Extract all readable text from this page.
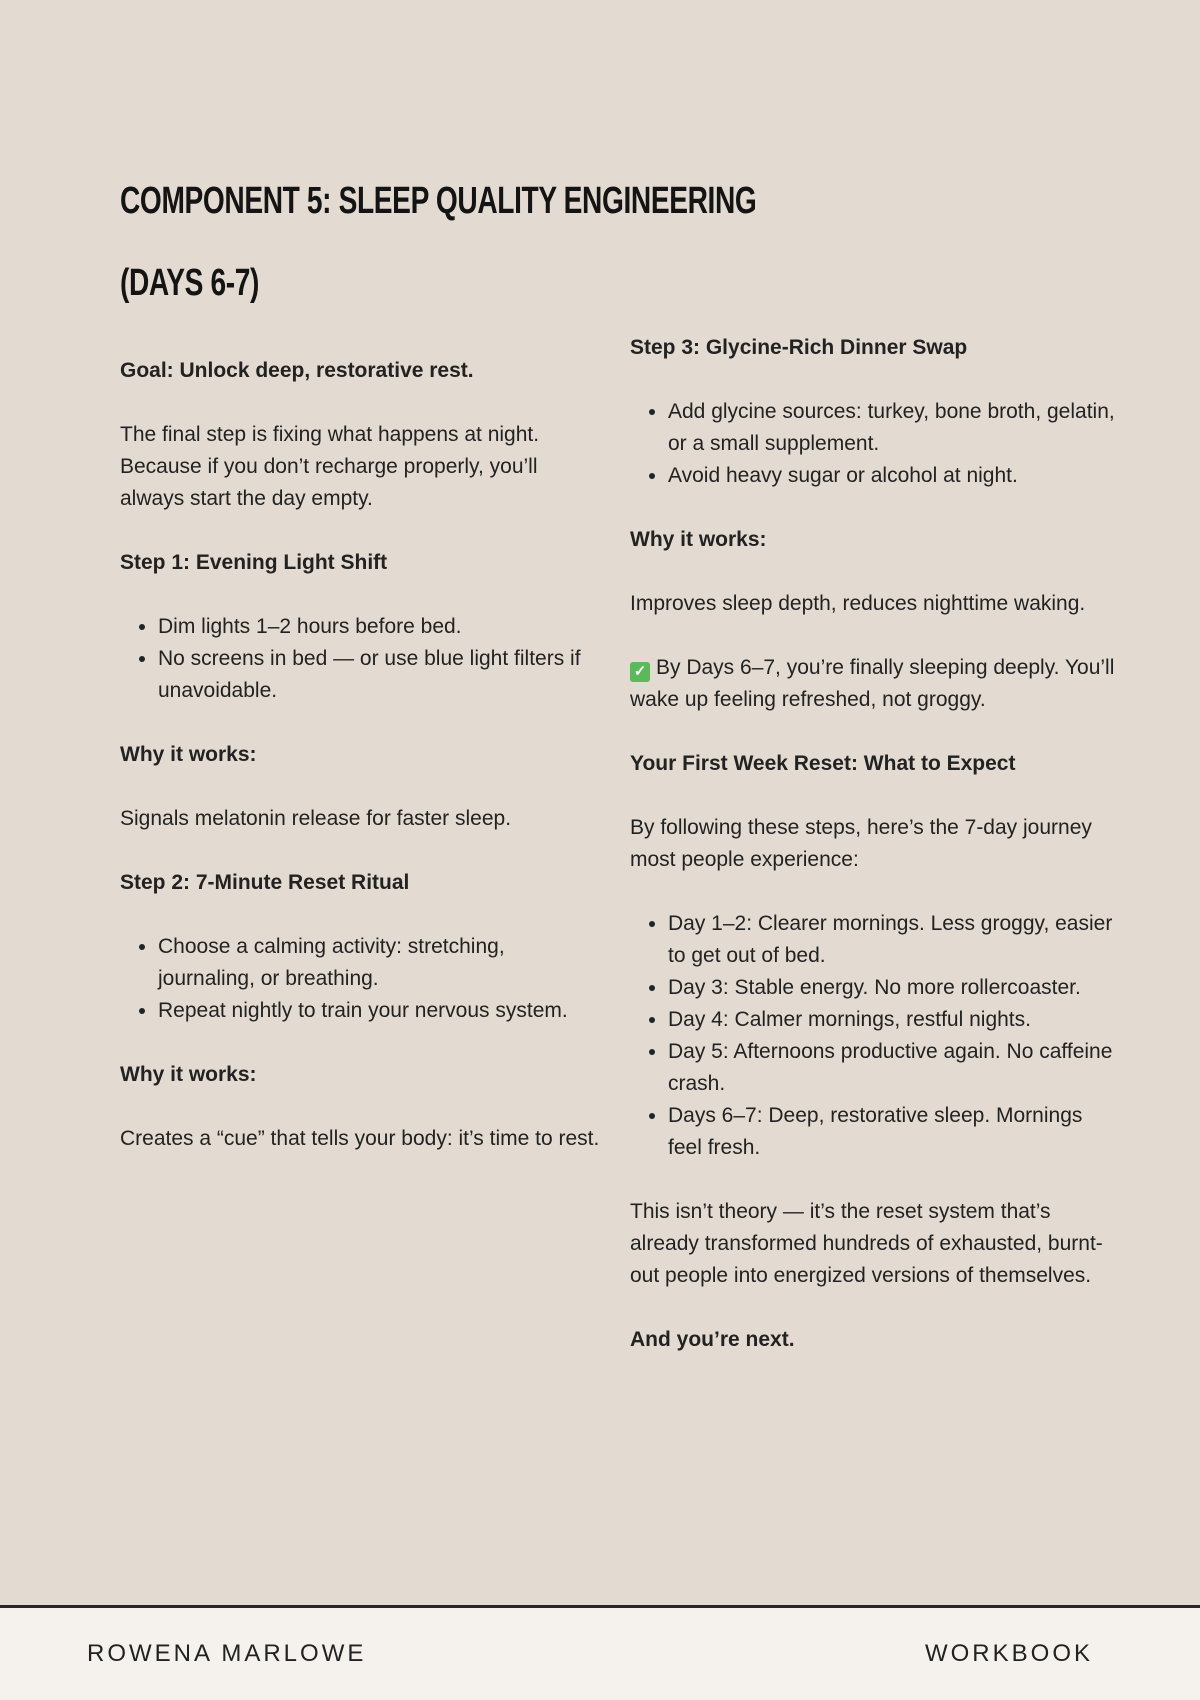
COMPONENT 5: SLEEP QUALITY ENGINEERING
(DAYS 6-7)

Goal: Unlock deep, restorative rest.

The final step is fixing what happens at night. Because if you don’t recharge properly, you’ll always start the day empty.

Step 1: Evening Light Shift

• Dim lights 1–2 hours before bed.
• No screens in bed — or use blue light filters if unavoidable.

Why it works:

Signals melatonin release for faster sleep.

Step 2: 7-Minute Reset Ritual

• Choose a calming activity: stretching, journaling, or breathing.
• Repeat nightly to train your nervous system.

Why it works:

Creates a “cue” that tells your body: it’s time to rest.

Step 3: Glycine-Rich Dinner Swap

• Add glycine sources: turkey, bone broth, gelatin, or a small supplement.
• Avoid heavy sugar or alcohol at night.

Why it works:

Improves sleep depth, reduces nighttime waking.

✓ By Days 6–7, you’re finally sleeping deeply. You’ll wake up feeling refreshed, not groggy.

Your First Week Reset: What to Expect

By following these steps, here’s the 7-day journey most people experience:

• Day 1–2: Clearer mornings. Less groggy, easier to get out of bed.
• Day 3: Stable energy. No more rollercoaster.
• Day 4: Calmer mornings, restful nights.
• Day 5: Afternoons productive again. No caffeine crash.
• Days 6–7: Deep, restorative sleep. Mornings feel fresh.

This isn’t theory — it’s the reset system that’s already transformed hundreds of exhausted, burnt-out people into energized versions of themselves.

And you’re next.

ROWENA MARLOWE	WORKBOOK
